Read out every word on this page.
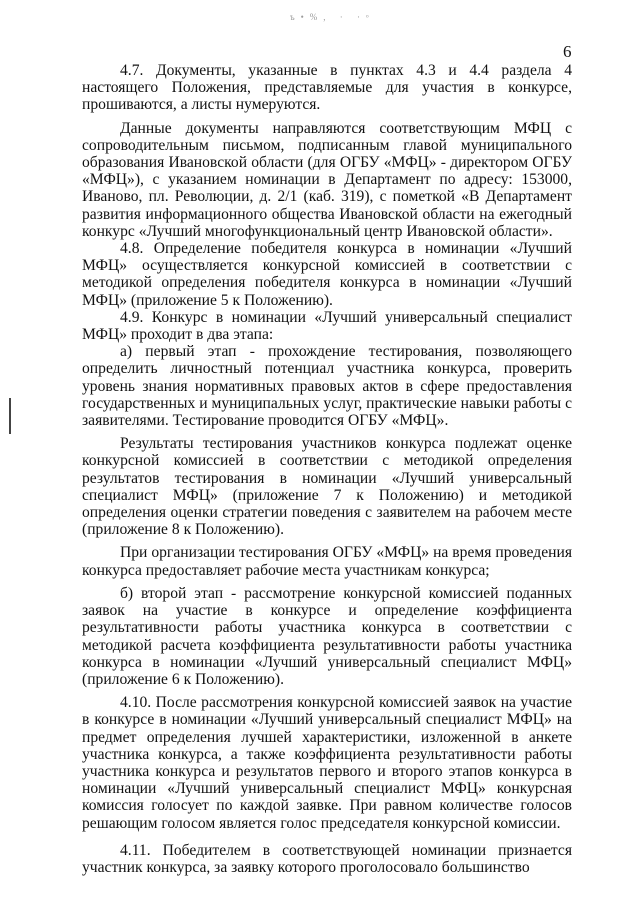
ъ•%, · ·ᵒ
6

4.7. Документы, указанные в пунктах 4.3 и 4.4 раздела 4 настоящего Положения, представляемые для участия в конкурсе, прошиваются, а листы нумеруются.

Данные документы направляются соответствующим МФЦ с сопроводительным письмом, подписанным главой муниципального образования Ивановской области (для ОГБУ «МФЦ» - директором ОГБУ «МФЦ»), с указанием номинации в Департамент по адресу: 153000, Иваново, пл. Революции, д. 2/1 (каб. 319), с пометкой «В Департамент развития информационного общества Ивановской области на ежегодный конкурс «Лучший многофункциональный центр Ивановской области».

4.8. Определение победителя конкурса в номинации «Лучший МФЦ» осуществляется конкурсной комиссией в соответствии с методикой определения победителя конкурса в номинации «Лучший МФЦ» (приложение 5 к Положению).

4.9. Конкурс в номинации «Лучший универсальный специалист МФЦ» проходит в два этапа:

а) первый этап - прохождение тестирования, позволяющего определить личностный потенциал участника конкурса, проверить уровень знания нормативных правовых актов в сфере предоставления государственных и муниципальных услуг, практические навыки работы с заявителями. Тестирование проводится ОГБУ «МФЦ».

Результаты тестирования участников конкурса подлежат оценке конкурсной комиссией в соответствии с методикой определения результатов тестирования в номинации «Лучший универсальный специалист МФЦ» (приложение 7 к Положению) и методикой определения оценки стратегии поведения с заявителем на рабочем месте (приложение 8 к Положению).

При организации тестирования ОГБУ «МФЦ» на время проведения конкурса предоставляет рабочие места участникам конкурса;

б) второй этап - рассмотрение конкурсной комиссией поданных заявок на участие в конкурсе и определение коэффициента результативности работы участника конкурса в соответствии с методикой расчета коэффициента результативности работы участника конкурса в номинации «Лучший универсальный специалист МФЦ» (приложение 6 к Положению).

4.10. После рассмотрения конкурсной комиссией заявок на участие в конкурсе в номинации «Лучший универсальный специалист МФЦ» на предмет определения лучшей характеристики, изложенной в анкете участника конкурса, а также коэффициента результативности работы участника конкурса и результатов первого и второго этапов конкурса в номинации «Лучший универсальный специалист МФЦ» конкурсная комиссия голосует по каждой заявке. При равном количестве голосов решающим голосом является голос председателя конкурсной комиссии.

4.11. Победителем в соответствующей номинации признается участник конкурса, за заявку которого проголосовало большинство
